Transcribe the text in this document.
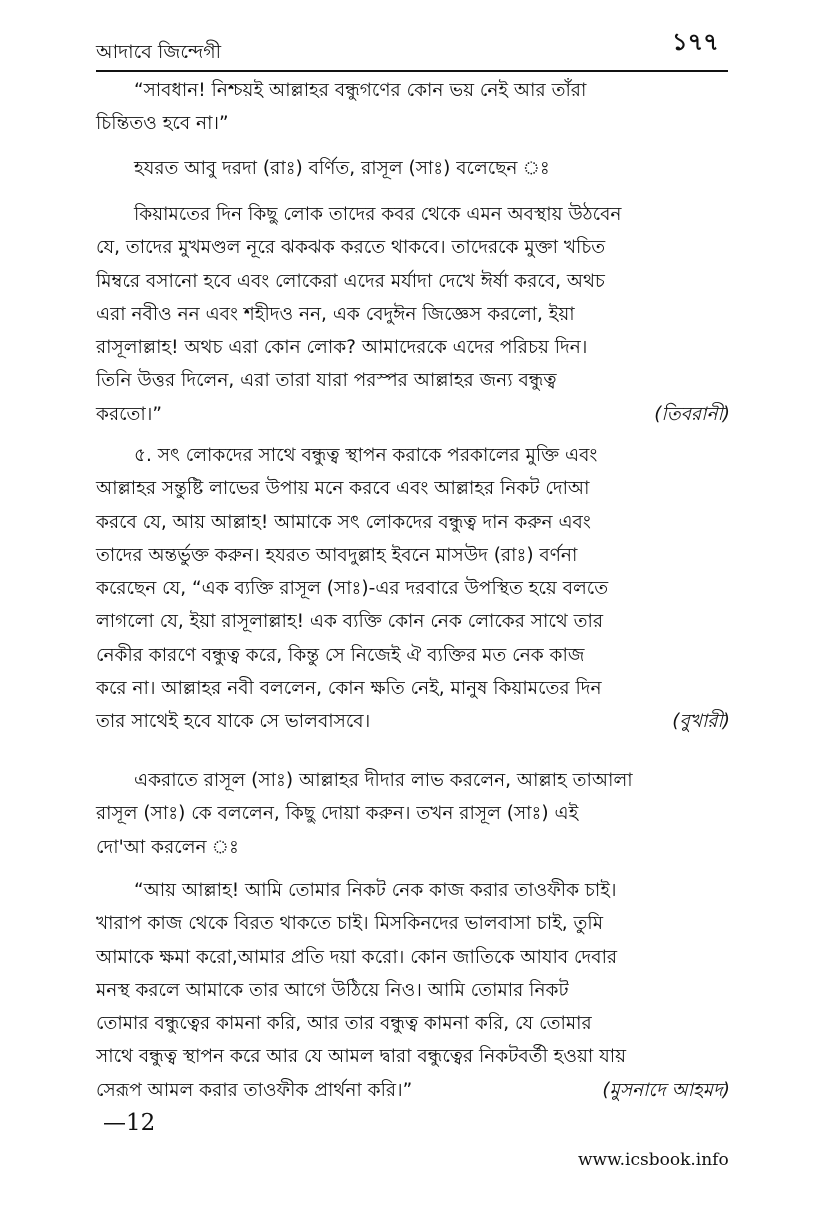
আদাবে জিন্দেগী	১৭৭
“সাবধান! নিশ্চয়ই আল্লাহর বন্ধুগণের কোন ভয় নেই আর তাঁরা
চিন্তিতও হবে না।”
হযরত আবু দরদা (রাঃ) বর্ণিত, রাসূল (সাঃ) বলেছেন ঃ
কিয়ামতের দিন কিছু লোক তাদের কবর থেকে এমন অবস্থায় উঠবেন
যে, তাদের মুখমণ্ডল নূরে ঝকঝক করতে থাকবে। তাদেরকে মুক্তা খচিত
মিম্বরে বসানো হবে এবং লোকেরা এদের মর্যাদা দেখে ঈর্ষা করবে, অথচ
এরা নবীও নন এবং শহীদও নন, এক বেদুঈন জিজ্ঞেস করলো, ইয়া
রাসূলাল্লাহ! অথচ এরা কোন লোক? আমাদেরকে এদের পরিচয় দিন।
তিনি উত্তর দিলেন, এরা তারা যারা পরস্পর আল্লাহর জন্য বন্ধুত্ব
করতো।”	(তিবরানী)
৫. সৎ লোকদের সাথে বন্ধুত্ব স্থাপন করাকে পরকালের মুক্তি এবং
আল্লাহর সন্তুষ্টি লাভের উপায় মনে করবে এবং আল্লাহর নিকট দোআ
করবে যে, আয় আল্লাহ! আমাকে সৎ লোকদের বন্ধুত্ব দান করুন এবং
তাদের অন্তর্ভুক্ত করুন। হযরত আবদুল্লাহ ইবনে মাসউদ (রাঃ) বর্ণনা
করেছেন যে, “এক ব্যক্তি রাসূল (সাঃ)-এর দরবারে উপস্থিত হয়ে বলতে
লাগলো যে, ইয়া রাসূলাল্লাহ! এক ব্যক্তি কোন নেক লোকের সাথে তার
নেকীর কারণে বন্ধুত্ব করে, কিন্তু সে নিজেই ঐ ব্যক্তির মত নেক কাজ
করে না। আল্লাহর নবী বললেন, কোন ক্ষতি নেই, মানুষ কিয়ামতের দিন
তার সাথেই হবে যাকে সে ভালবাসবে।	(বুখারী)
একরাতে রাসূল (সাঃ) আল্লাহর দীদার লাভ করলেন, আল্লাহ তাআলা
রাসূল (সাঃ) কে বললেন, কিছু দোয়া করুন। তখন রাসূল (সাঃ) এই
দো'আ করলেন ঃ
“আয় আল্লাহ! আমি তোমার নিকট নেক কাজ করার তাওফীক চাই।
খারাপ কাজ থেকে বিরত থাকতে চাই। মিসকিনদের ভালবাসা চাই, তুমি
আমাকে ক্ষমা করো,আমার প্রতি দয়া করো। কোন জাতিকে আযাব দেবার
মনস্থ করলে আমাকে তার আগে উঠিয়ে নিও। আমি তোমার নিকট
তোমার বন্ধুত্বের কামনা করি, আর তার বন্ধুত্ব কামনা করি, যে তোমার
সাথে বন্ধুত্ব স্থাপন করে আর যে আমল দ্বারা বন্ধুত্বের নিকটবর্তী হওয়া যায়
সেরূপ আমল করার তাওফীক প্রার্থনা করি।”	(মুসনাদে আহমদ)
—12
www.icsbook.info
